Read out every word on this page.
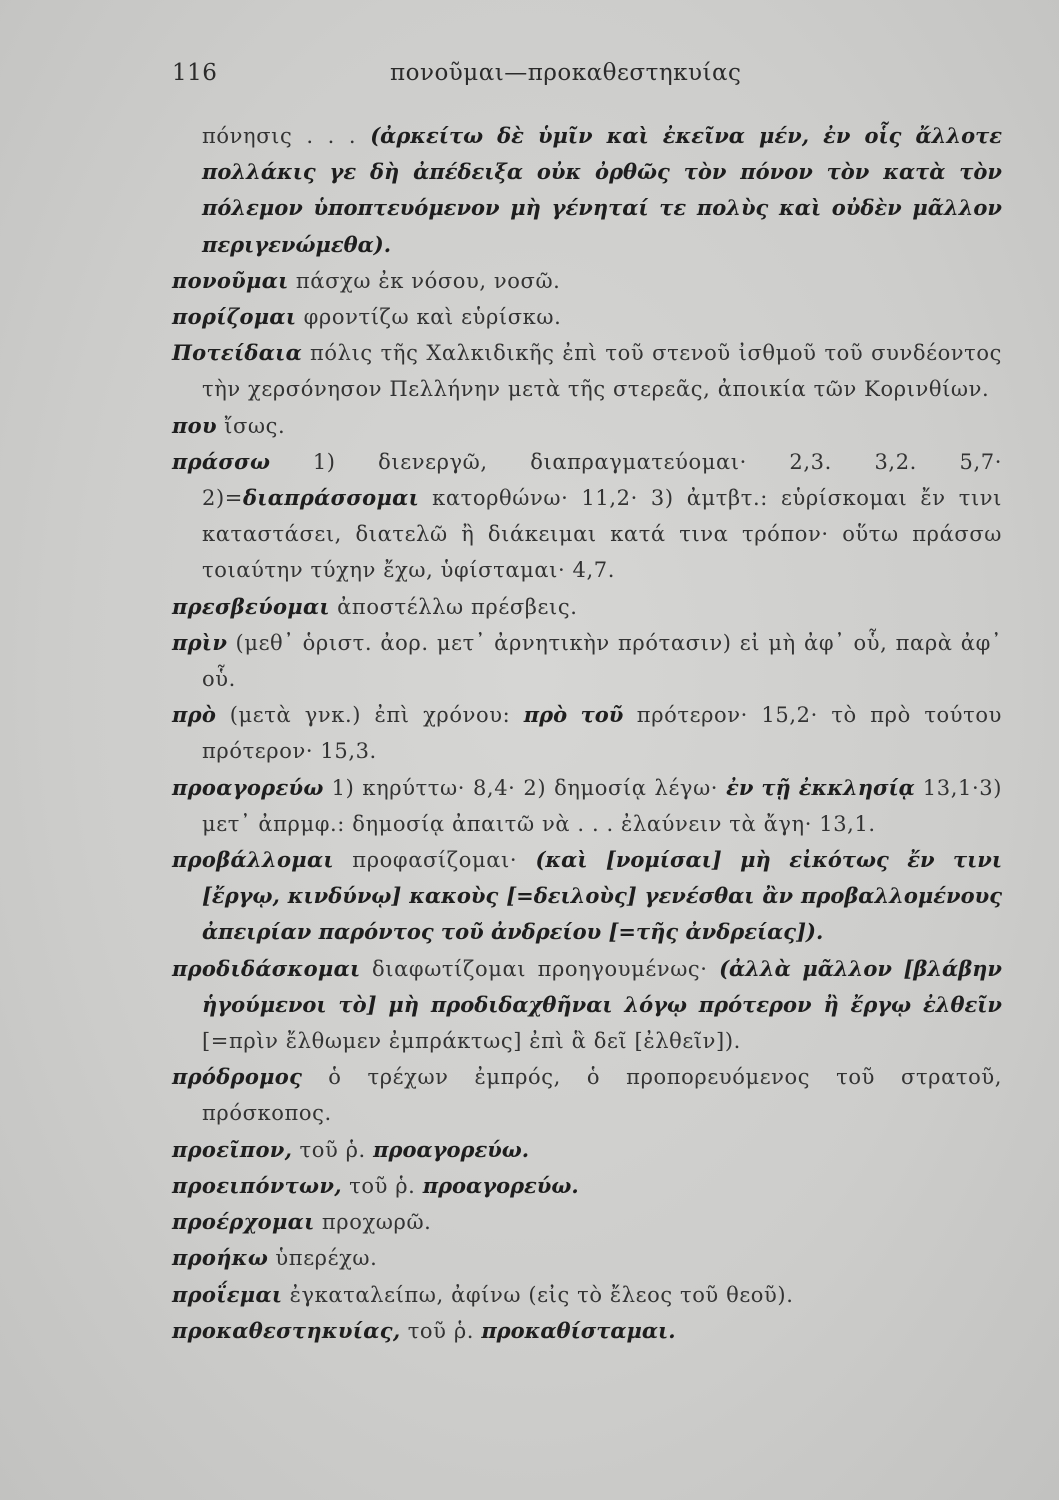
116	πονοῦμαι—προκαθεστηκυίας

πόνησις . . . (ἀρκείτω δὲ ὑμῖν καὶ ἐκεῖνα μέν, ἐν οἷς ἄλλοτε πολλάκις γε δὴ ἀπέδειξα οὐκ ὀρθῶς τὸν πόνον τὸν κατὰ τὸν πόλεμον ὑποπτευόμενον μὴ γένηταί τε πολὺς καὶ οὐδὲν μᾶλλον περιγενώμεθα).

πονοῦμαι πάσχω ἐκ νόσου, νοσῶ.

πορίζομαι φροντίζω καὶ εὑρίσκω.

Ποτείδαια πόλις τῆς Χαλκιδικῆς ἐπὶ τοῦ στενοῦ ἰσθμοῦ τοῦ συνδέοντος τὴν χερσόνησον Πελλήνην μετὰ τῆς στερεᾶς, ἀποικία τῶν Κορινθίων.

που ἴσως.

πράσσω 1) διενεργῶ, διαπραγματεύομαι· 2,3. 3,2. 5,7· 2)=διαπράσσομαι κατορθώνω· 11,2· 3) ἀμτβτ.: εὑρίσκομαι ἔν τινι καταστάσει, διατελῶ ἢ διάκειμαι κατά τινα τρόπον· οὕτω πράσσω τοιαύτην τύχην ἔχω, ὑφίσταμαι· 4,7.

πρεσβεύομαι ἀποστέλλω πρέσβεις.

πρὶν (μεθ᾽ ὁριστ. ἀορ. μετ᾽ ἀρνητικὴν πρότασιν) εἰ μὴ ἀφ᾽ οὗ, παρὰ ἀφ᾽ οὗ.

πρὸ (μετὰ γνκ.) ἐπὶ χρόνου: πρὸ τοῦ πρότερον· 15,2· τὸ πρὸ τούτου πρότερον· 15,3.

προαγορεύω 1) κηρύττω· 8,4· 2) δημοσίᾳ λέγω· ἐν τῇ ἐκκλησίᾳ 13,1·3) μετ᾽ ἀπρμφ.: δημοσίᾳ ἀπαιτῶ νὰ . . . ἐλαύνειν τὰ ἄγη· 13,1.

προβάλλομαι προφασίζομαι· (καὶ [νομίσαι] μὴ εἰκότως ἔν τινι [ἔργῳ, κινδύνῳ] κακοὺς [=δειλοὺς] γενέσθαι ἂν προβαλλομένους ἀπειρίαν παρόντος τοῦ ἀνδρείου [=τῆς ἀνδρείας]).

προδιδάσκομαι διαφωτίζομαι προηγουμένως· (ἀλλὰ μᾶλλον [βλάβην ἡγούμενοι τὸ] μὴ προδιδαχθῆναι λόγῳ πρότερον ἢ ἔργῳ ἐλθεῖν [=πρὶν ἔλθωμεν ἐμπράκτως] ἐπὶ ἃ δεῖ [ἐλθεῖν]).

πρόδρομος ὁ τρέχων ἐμπρός, ὁ προπορευόμενος τοῦ στρατοῦ, πρόσκοπος.

προεῖπον, τοῦ ῥ. προαγορεύω.

προειπόντων, τοῦ ῥ. προαγορεύω.

προέρχομαι προχωρῶ.

προήκω ὑπερέχω.

προΐεμαι ἐγκαταλείπω, ἀφίνω (εἰς τὸ ἔλεος τοῦ θεοῦ).

προκαθεστηκυίας, τοῦ ῥ. προκαθίσταμαι.
